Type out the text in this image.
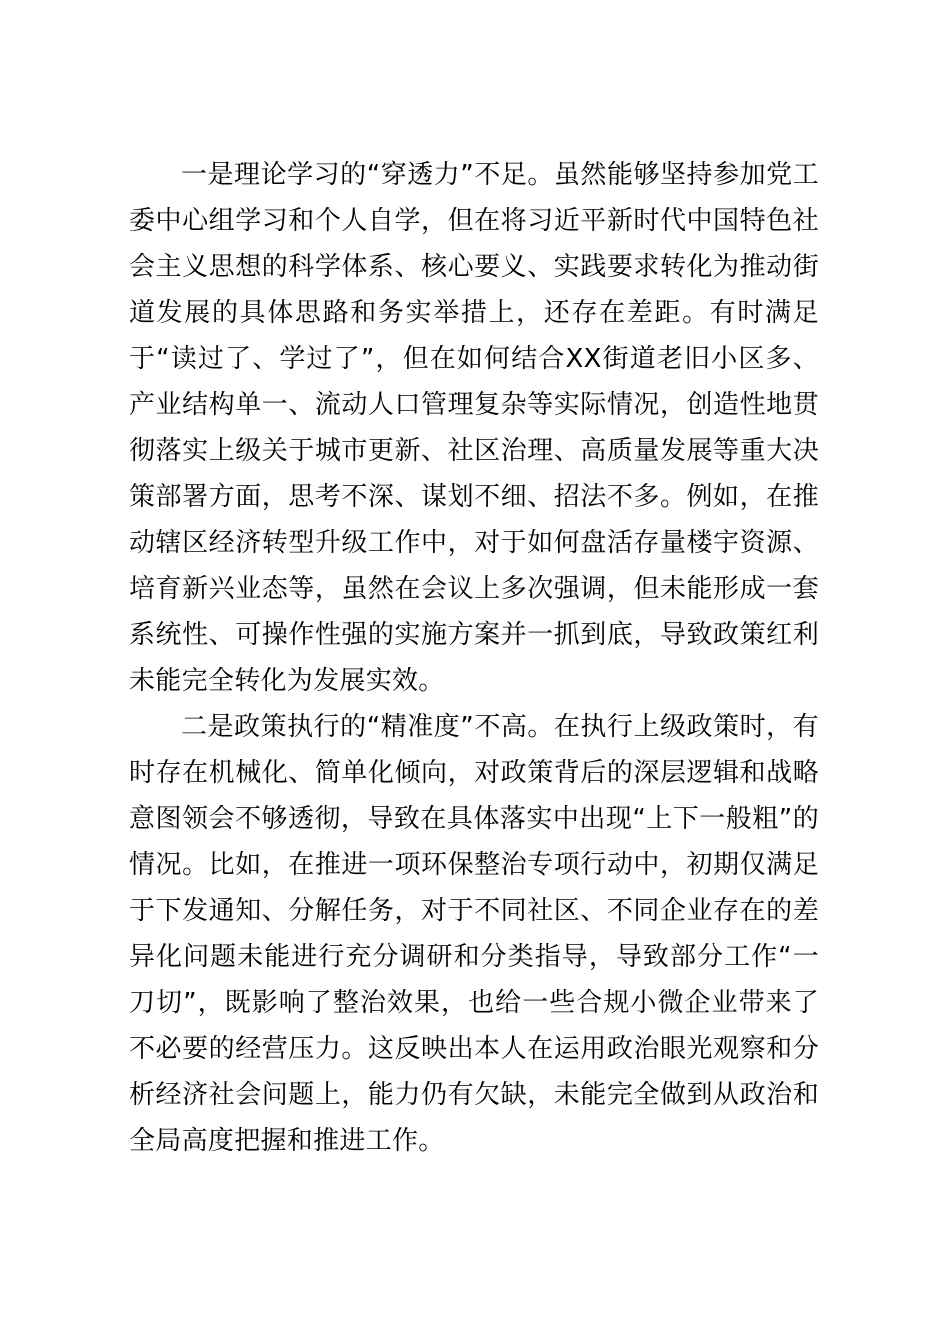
一是理论学习的“穿透力”不足。虽然能够坚持参加党工委中心组学习和个人自学，但在将习近平新时代中国特色社会主义思想的科学体系、核心要义、实践要求转化为推动街道发展的具体思路和务实举措上，还存在差距。有时满足于“读过了、学过了”，但在如何结合XX街道老旧小区多、产业结构单一、流动人口管理复杂等实际情况，创造性地贯彻落实上级关于城市更新、社区治理、高质量发展等重大决策部署方面，思考不深、谋划不细、招法不多。例如，在推动辖区经济转型升级工作中，对于如何盘活存量楼宇资源、培育新兴业态等，虽然在会议上多次强调，但未能形成一套系统性、可操作性强的实施方案并一抓到底，导致政策红利未能完全转化为发展实效。

二是政策执行的“精准度”不高。在执行上级政策时，有时存在机械化、简单化倾向，对政策背后的深层逻辑和战略意图领会不够透彻，导致在具体落实中出现“上下一般粗”的情况。比如，在推进一项环保整治专项行动中，初期仅满足于下发通知、分解任务，对于不同社区、不同企业存在的差异化问题未能进行充分调研和分类指导，导致部分工作“一刀切”，既影响了整治效果，也给一些合规小微企业带来了不必要的经营压力。这反映出本人在运用政治眼光观察和分析经济社会问题上，能力仍有欠缺，未能完全做到从政治和全局高度把握和推进工作。
